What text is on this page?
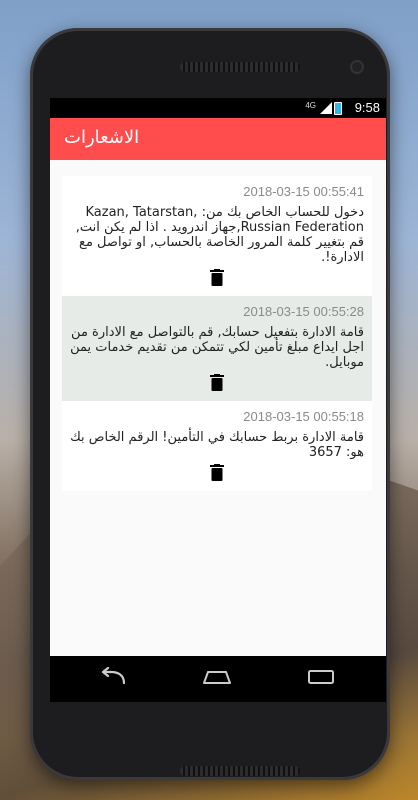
4G	9:58
الاشعارات
2018-03-15 00:55:41
دخول للحساب الخاص بك من: Kazan, Tatarstan, Russian Federation,جهاز اندرويد . اذا لم يكن انت, قم بتغيير كلمة المرور الخاصة بالحساب, او تواصل مع الادارة!.
2018-03-15 00:55:28
قامة الادارة بتفعيل حسابك, قم بالتواصل مع الادارة من اجل ايداع مبلغ تأمين لكي تتمكن من تقديم خدمات يمن موبايل.
2018-03-15 00:55:18
قامة الادارة بربط حسابك في التأمين! الرقم الخاص بك هو: 3657
